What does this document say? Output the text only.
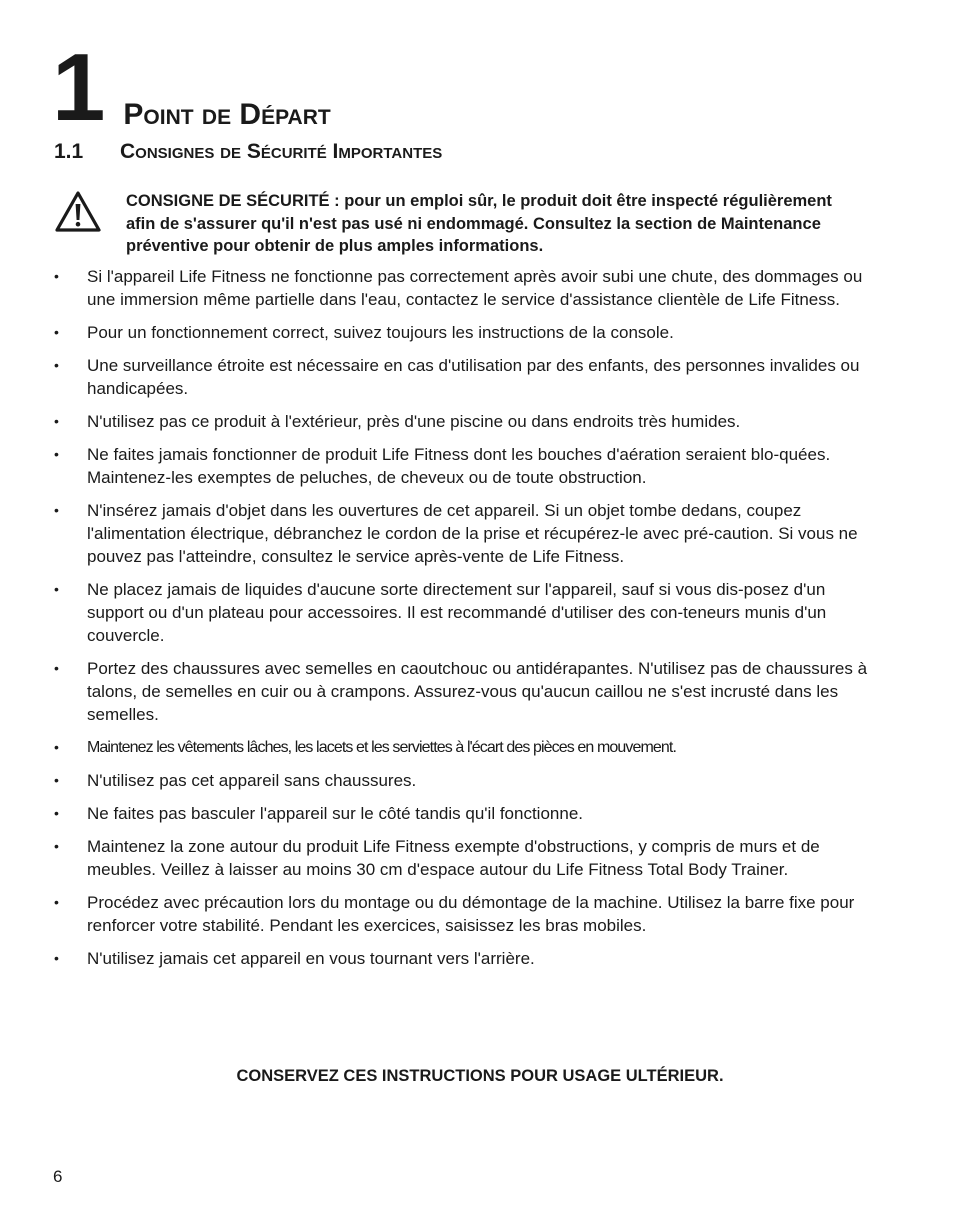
1 Point de Départ
1.1	Consignes de Sécurité Importantes
CONSIGNE DE SÉCURITÉ : pour un emploi sûr, le produit doit être inspecté régulièrement afin de s'assurer qu'il n'est pas usé ni endommagé. Consultez la section de Maintenance préventive pour obtenir de plus amples informations.
•	Si l'appareil Life Fitness ne fonctionne pas correctement après avoir subi une chute, des dommages ou une immersion même partielle dans l'eau, contactez le service d'assistance clientèle de Life Fitness.
•	Pour un fonctionnement correct, suivez toujours les instructions de la console.
•	Une surveillance étroite est nécessaire en cas d'utilisation par des enfants, des personnes invalides ou handicapées.
•	N'utilisez pas ce produit à l'extérieur, près d'une piscine ou dans endroits très humides.
•	Ne faites jamais fonctionner de produit Life Fitness dont les bouches d'aération seraient blo-quées. Maintenez-les exemptes de peluches, de cheveux ou de toute obstruction.
•	N'insérez jamais d'objet dans les ouvertures de cet appareil. Si un objet tombe dedans, coupez l'alimentation électrique, débranchez le cordon de la prise et récupérez-le avec pré-caution. Si vous ne pouvez pas l'atteindre, consultez le service après-vente de Life Fitness.
•	Ne placez jamais de liquides d'aucune sorte directement sur l'appareil, sauf si vous dis-posez d'un support ou d'un plateau pour accessoires. Il est recommandé d'utiliser des con-teneurs munis d'un couvercle.
•	Portez des chaussures avec semelles en caoutchouc ou antidérapantes. N'utilisez pas de chaussures à talons, de semelles en cuir ou à crampons. Assurez-vous qu'aucun caillou ne s'est incrusté dans les semelles.
•	Maintenez les vêtements lâches, les lacets et les serviettes à l'écart des pièces en mouvement.
•	N'utilisez pas cet appareil sans chaussures.
•	Ne faites pas basculer l'appareil sur le côté tandis qu'il fonctionne.
•	Maintenez la zone autour du produit Life Fitness exempte d'obstructions, y compris de murs et de meubles. Veillez à laisser au moins 30 cm d'espace autour du Life Fitness Total Body Trainer.
•	Procédez avec précaution lors du montage ou du démontage de la machine. Utilisez la barre fixe pour renforcer votre stabilité. Pendant les exercices, saisissez les bras mobiles.
•	N'utilisez jamais cet appareil en vous tournant vers l'arrière.
CONSERVEZ CES INSTRUCTIONS POUR USAGE ULTÉRIEUR.
6
